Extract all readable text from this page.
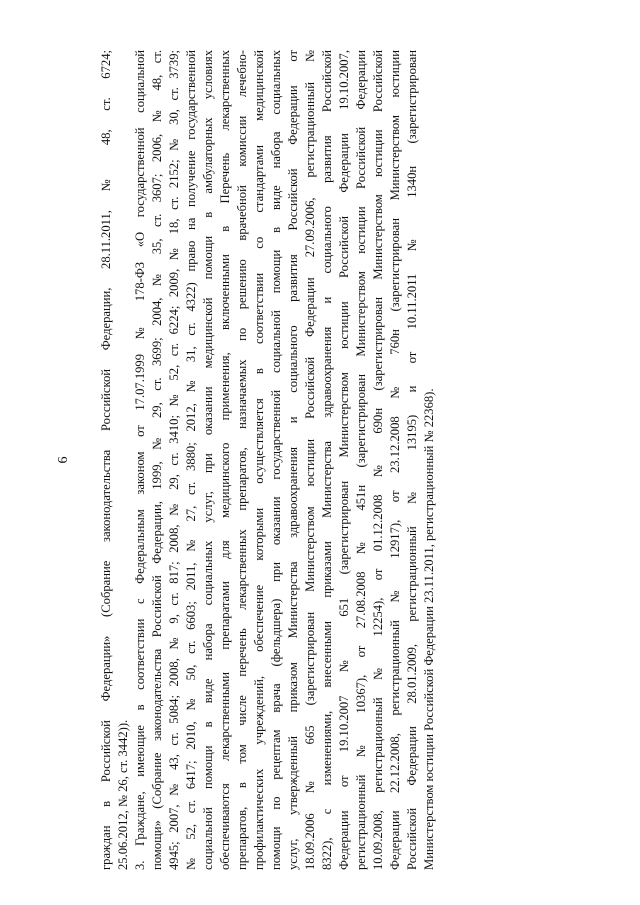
6 граждан в Российской Федерации» (Собрание законодательства Российской Федерации, 28.11.2011, № 48, ст. 6724; 25.06.2012, № 26, ст. 3442)). 3. Граждане, имеющие в соответствии с Федеральным законом от 17.07.1999 № 178-ФЗ «О государственной социальной помощи» (Собрание законодательства Российской Федерации, 1999, № 29, ст. 3699; 2004, № 35, ст. 3607; 2006, № 48, ст. 4945; 2007, № 43, ст. 5084; 2008, № 9, ст. 817; 2008, № 29, ст. 3410; № 52, ст. 6224; 2009, № 18, ст. 2152; № 30, ст. 3739; № 52, ст. 6417; 2010, № 50, ст. 6603; 2011, № 27, ст. 3880; 2012, № 31, ст. 4322) право на получение государственной социальной помощи в виде набора социальных услуг, при оказании медицинской помощи в амбулаторных условиях обеспечиваются лекарственными препаратами для медицинского применения, включенными в Перечень лекарственных препаратов, в том числе перечень лекарственных препаратов, назначаемых по решению врачебной комиссии лечебно- профилактических учреждений, обеспечение которыми осуществляется в соответствии со стандартами медицинской помощи по рецептам врача (фельдшера) при оказании государственной социальной помощи в виде набора социальных услуг, утвержденный приказом Министерства здравоохранения и социального развития Российской Федерации от 18.09.2006 № 665 (зарегистрирован Министерством юстиции Российской Федерации 27.09.2006, регистрационный № 8322), с изменениями, внесенными приказами Министерства здравоохранения и социального развития Российской Федерации от 19.10.2007 № 651 (зарегистрирован Министерством юстиции Российской Федерации 19.10.2007, регистрационный № 10367), от 27.08.2008 № 451н (зарегистрирован Министерством юстиции Российской Федерации 10.09.2008, регистрационный № 12254), от 01.12.2008 № 690н (зарегистрирован Министерством юстиции Российской Федерации 22.12.2008, регистрационный № 12917), от 23.12.2008 № 760н (зарегистрирован Министерством юстиции Российской Федерации 28.01.2009, регистрационный № 13195) и от 10.11.2011 № 1340н (зарегистрирован Министерством юстиции Российской Федерации 23.11.2011, регистрационный № 22368).
